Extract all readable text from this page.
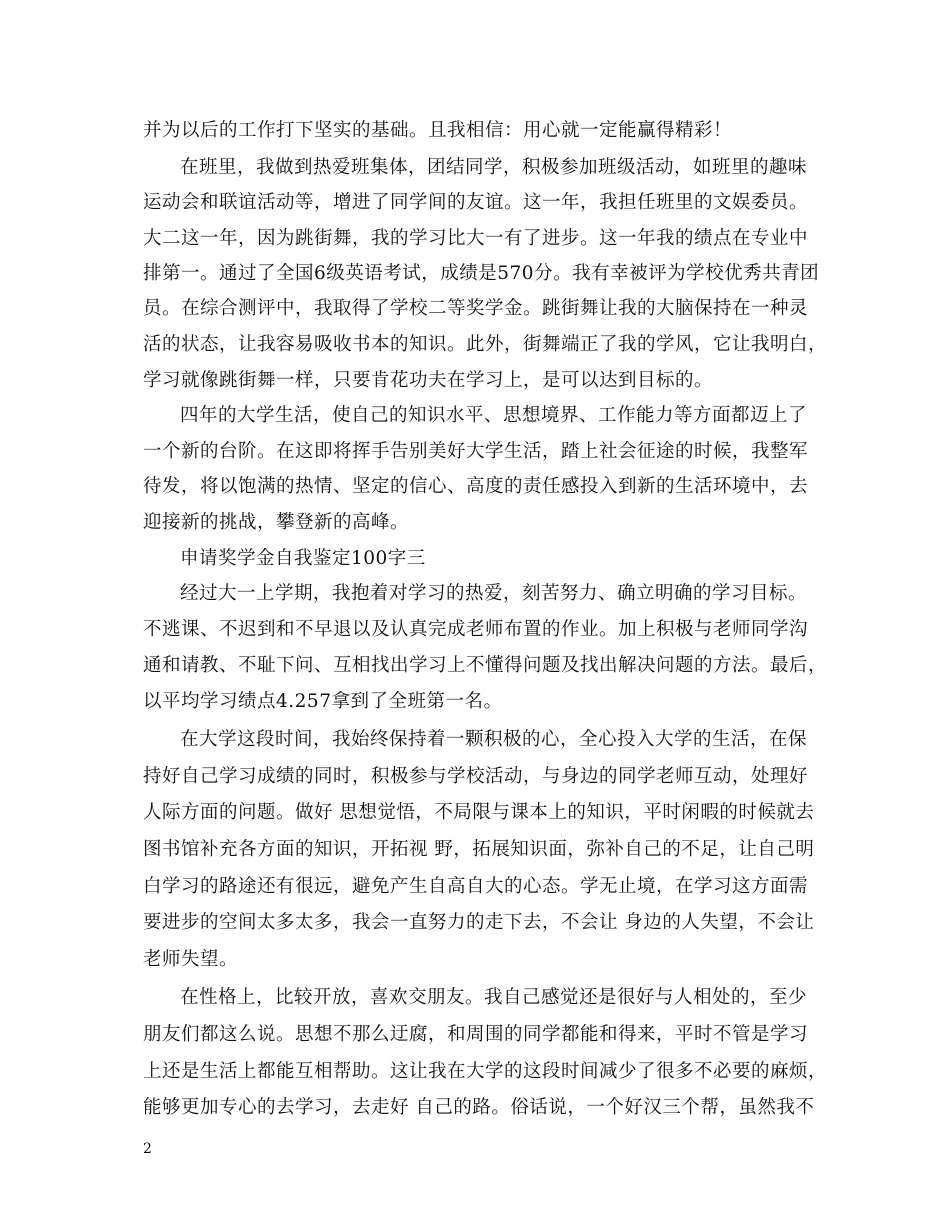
并为以后的工作打下坚实的基础。且我相信：用心就一定能赢得精彩！
在班里，我做到热爱班集体，团结同学，积极参加班级活动，如班里的趣味
运动会和联谊活动等，增进了同学间的友谊。这一年，我担任班里的文娱委员。
大二这一年，因为跳街舞，我的学习比大一有了进步。这一年我的绩点在专业中
排第一。通过了全国6级英语考试，成绩是570分。我有幸被评为学校优秀共青团
员。在综合测评中，我取得了学校二等奖学金。跳街舞让我的大脑保持在一种灵
活的状态，让我容易吸收书本的知识。此外，街舞端正了我的学风，它让我明白，
学习就像跳街舞一样，只要肯花功夫在学习上，是可以达到目标的。
四年的大学生活，使自己的知识水平、思想境界、工作能力等方面都迈上了
一个新的台阶。在这即将挥手告别美好大学生活，踏上社会征途的时候，我整军
待发，将以饱满的热情、坚定的信心、高度的责任感投入到新的生活环境中，去
迎接新的挑战，攀登新的高峰。
申请奖学金自我鉴定100字三
经过大一上学期，我抱着对学习的热爱，刻苦努力、确立明确的学习目标。
不逃课、不迟到和不早退以及认真完成老师布置的作业。加上积极与老师同学沟
通和请教、不耻下问、互相找出学习上不懂得问题及找出解决问题的方法。最后，
以平均学习绩点4.257拿到了全班第一名。
在大学这段时间，我始终保持着一颗积极的心，全心投入大学的生活，在保
持好自己学习成绩的同时，积极参与学校活动，与身边的同学老师互动，处理好
人际方面的问题。做好 思想觉悟，不局限与课本上的知识，平时闲暇的时候就去
图书馆补充各方面的知识，开拓视 野，拓展知识面，弥补自己的不足，让自己明
白学习的路途还有很远，避免产生自高自大的心态。学无止境，在学习这方面需
要进步的空间太多太多，我会一直努力的走下去，不会让 身边的人失望，不会让
老师失望。
在性格上，比较开放，喜欢交朋友。我自己感觉还是很好与人相处的，至少
朋友们都这么说。思想不那么迂腐，和周围的同学都能和得来，平时不管是学习
上还是生活上都能互相帮助。这让我在大学的这段时间减少了很多不必要的麻烦，
能够更加专心的去学习，去走好 自己的路。俗话说，一个好汉三个帮，虽然我不
2
